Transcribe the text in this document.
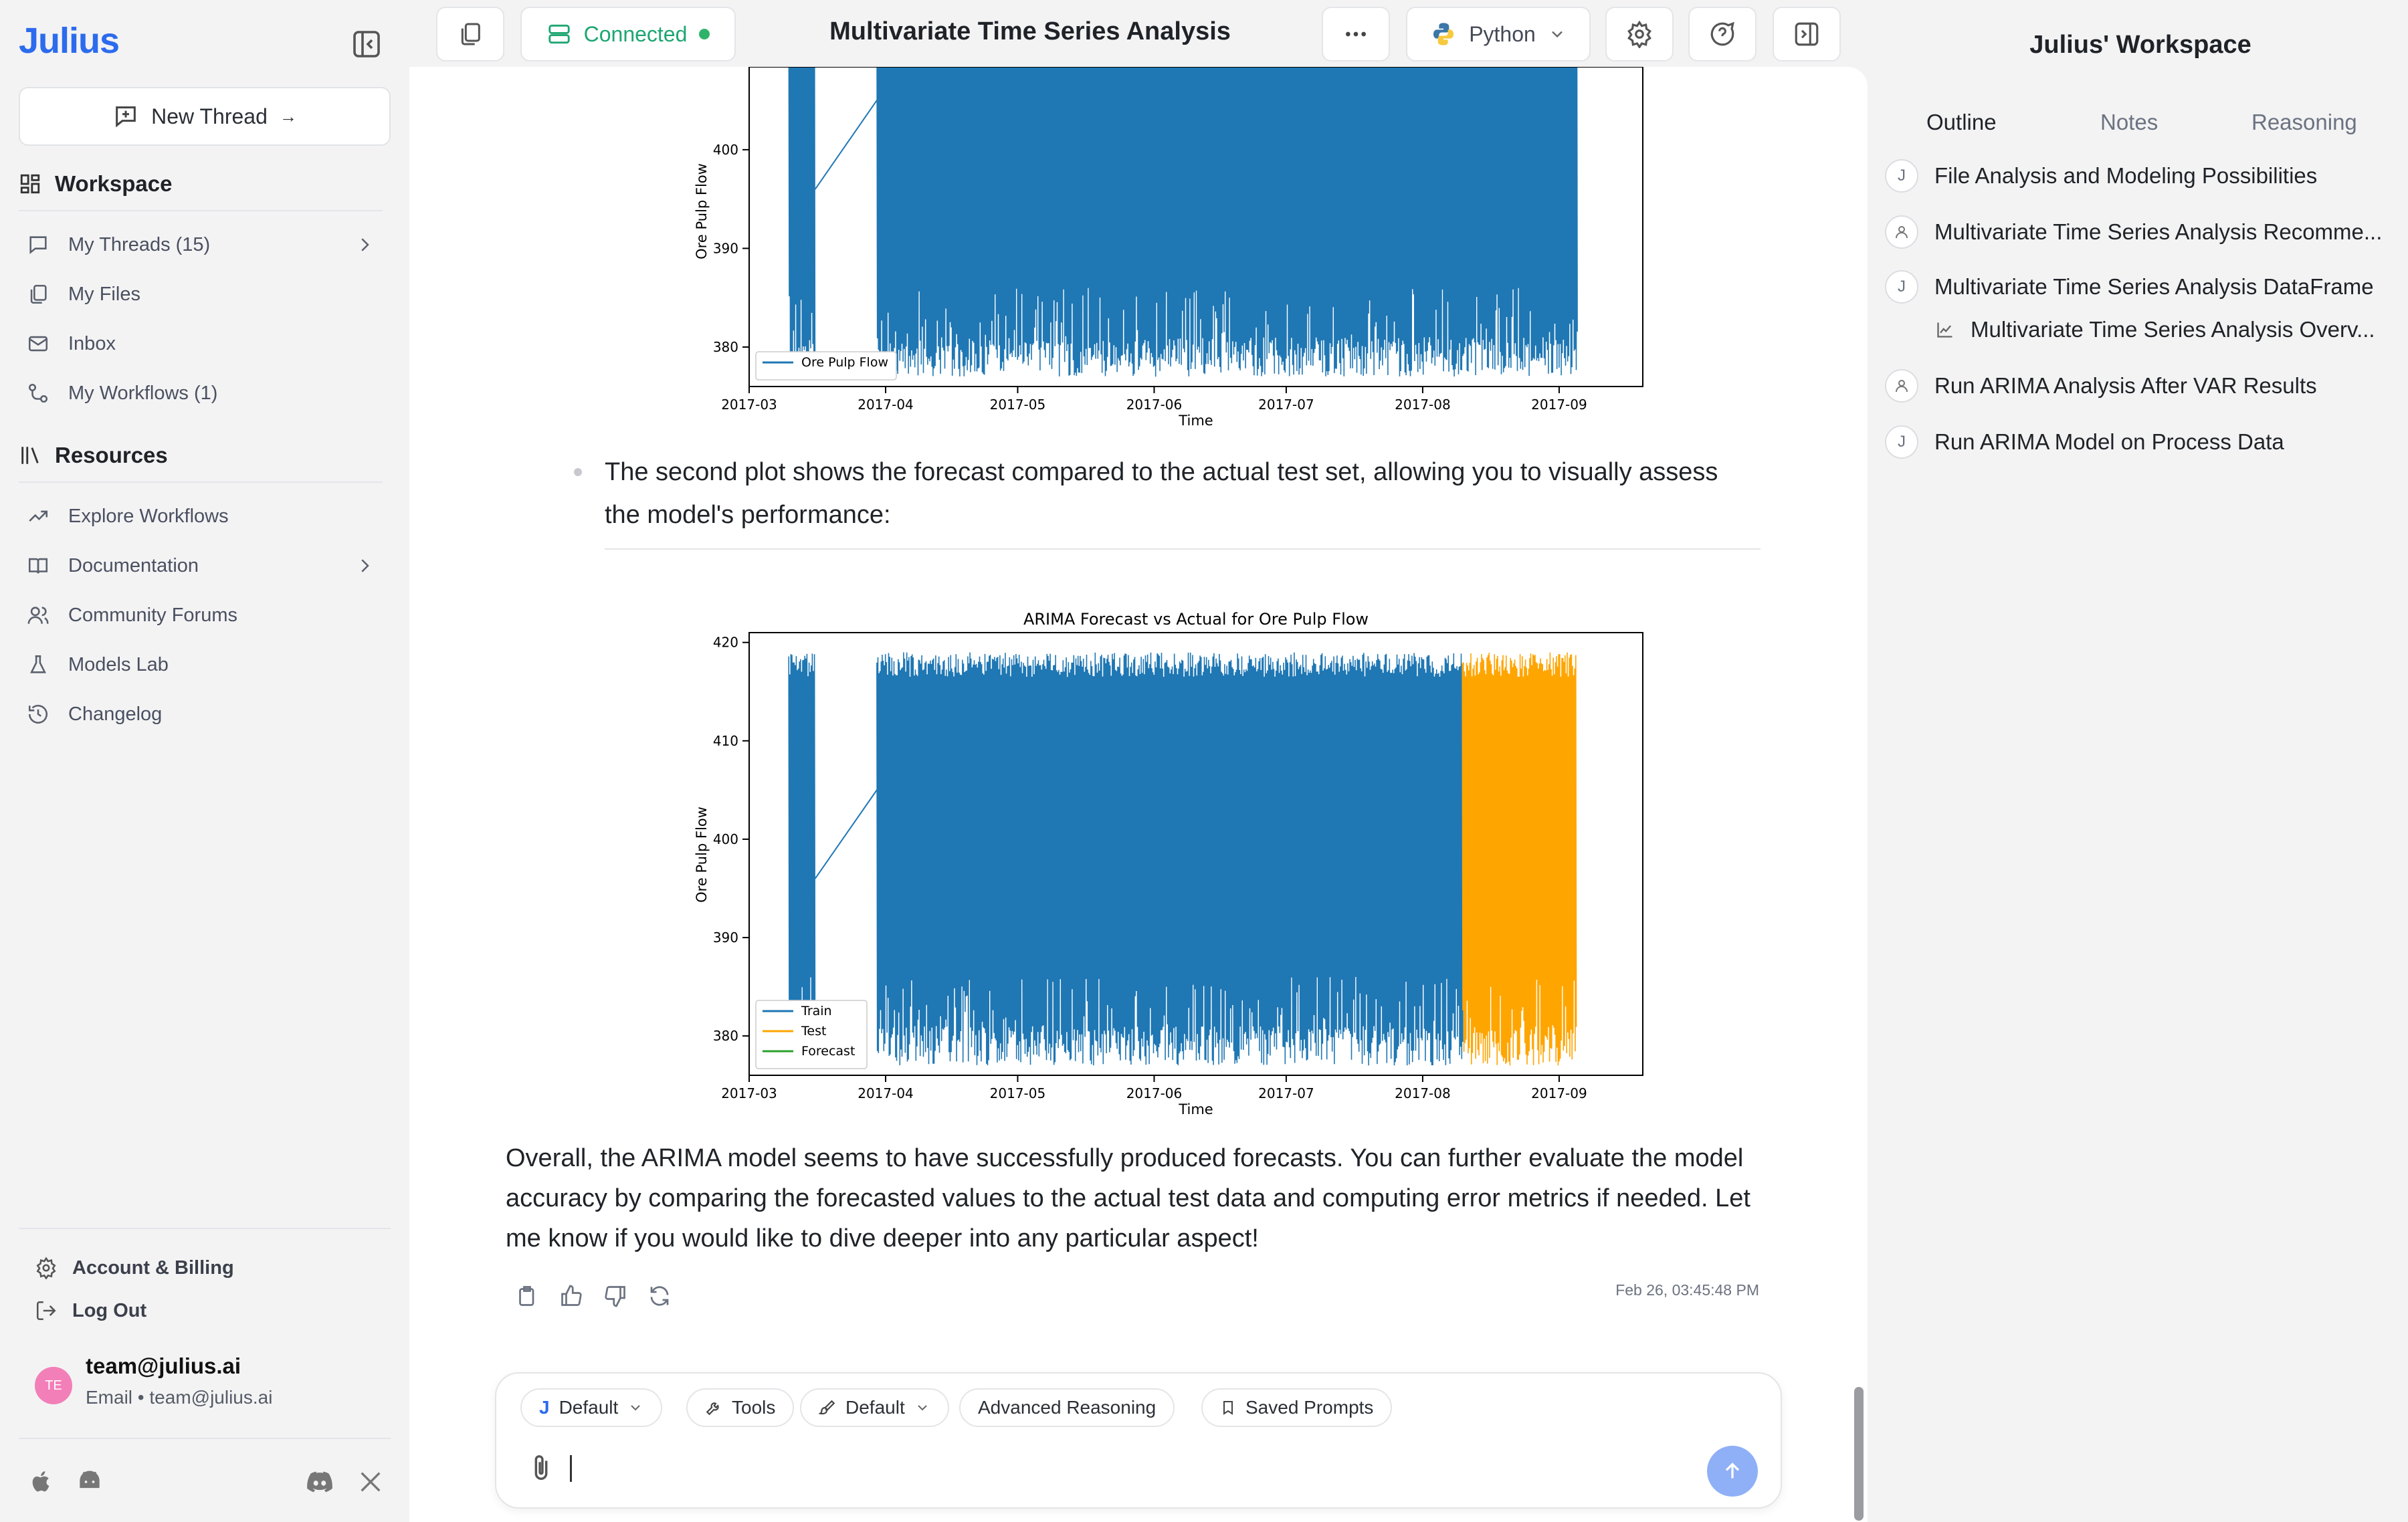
Julius
New Thread →
Workspace
My Threads (15)
My Files
Inbox
My Workflows (1)
Resources
Explore Workflows
Documentation
Community Forums
Models Lab
Changelog
Account & Billing
Log Out
TE
team@julius.ai
Email • team@julius.ai
Connected	Multivariate Time Series Analysis	Python
2017-03	2017-04	2017-05	2017-06	2017-07	2017-08	2017-09
380
390
400
Ore Pulp Flow
Time
Ore Pulp Flow
The second plot shows the forecast compared to the actual test set, allowing you to visually assess the model's performance:
ARIMA Forecast vs Actual for Ore Pulp Flow
2017-03	2017-04	2017-05	2017-06	2017-07	2017-08	2017-09
380
390
400
410
420
Train
Test
Forecast
Time
Ore Pulp Flow
Overall, the ARIMA model seems to have successfully produced forecasts. You can further evaluate the model accuracy by comparing the forecasted values to the actual test data and computing error metrics if needed. Let me know if you would like to dive deeper into any particular aspect!
Feb 26, 03:45:48 PM
J Default	Tools	Default	Advanced Reasoning	Saved Prompts
Julius' Workspace
Outline	Notes	Reasoning
J	File Analysis and Modeling Possibilities
Multivariate Time Series Analysis Recomme...
J	Multivariate Time Series Analysis DataFrame
Multivariate Time Series Analysis Overv...
Run ARIMA Analysis After VAR Results
J	Run ARIMA Model on Process Data
